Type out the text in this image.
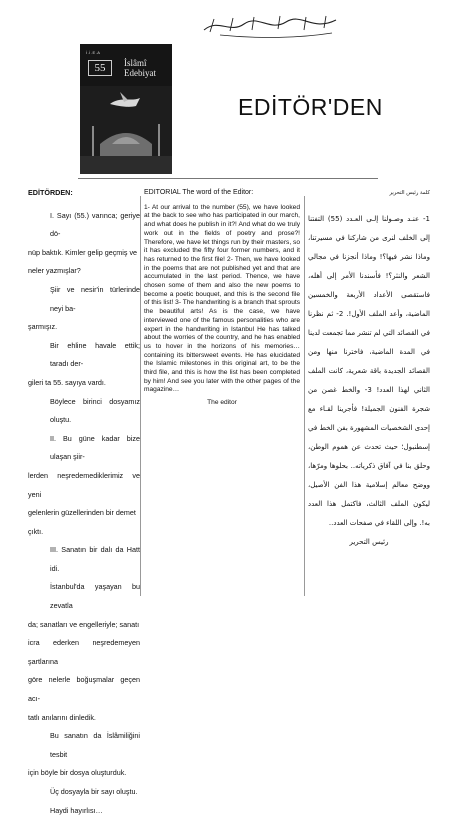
İ.İ.E.A
55	İslâmî
Edebiyat
EDİTÖR'DEN
EDİTÖRDEN:

I. Sayı (55.) varınca; geriye dö-

nüp baktık. Kimler gelip geçmiş ve

neler yazmışlar?

Şiir ve nesir'in türlerinde neyi ba-

şarmışız.

Bir ehline havale ettik; taradı der-

gileri ta 55. sayıya vardı.

Böylece birinci dosyamız oluştu.

II. Bu güne kadar bize ulaşan şiir-

lerden neşredemediklerimiz ve yeni

gelenlerin güzellerinden bir demet

çıktı.

III. Sanatın bir dalı da Hatt idi.

İstanbul'da yaşayan bu zevatla

da; sanatları ve engelleriyle; sanatı

icra ederken neşredemeyen şartlarına

göre nelerle boğuşmalar geçen acı-

tatlı anılarını dinledik.

Bu sanatın da İslâmiliğini tesbit

için böyle bir dosya oluşturduk.

Üç dosyayla bir sayı oluştu.

Haydi hayırlısı…

EDITORIAL The word of the Editor:

1- At our arrival to the number (55), we have looked at the back to see who has participated in our march, and what does he publish in it?! And what do we truly work out in the fields of poetry and prose?! Therefore, we have let things run by their masters, so it has excluded the fifty four former numbers, and it has returned to the first file! 2- Then, we have looked in the poems that are not published yet and that are accumulated in the last period. Thence, we have chosen some of them and also the new poems to become a poetic bouquet, and this is the second file of this list! 3- The handwriting is a branch that sprouts the beautiful arts! As is the case, we have interviewed one of the famous personalities who are expert in the handwriting in Istanbul He has talked about the worries of the country, and he has enabled us to hover in the horizons of his memories…containing its bittersweet events. He has elucidated the Islamic milestones in this original art, to be the third file, and this is how the list has been completed by him! And see you later with the other pages of the magazine…

The editor

كلمة رئيس التحرير

1- عنـد وصـولنا إلـى العـدد (55) التفتنا إلى الخلف لنرى من شاركنا في مسيرتنا، وماذا نشر فيها؟! وماذا أنجزنا في مجالي الشعر والنثر؟! فأسندنا الأمر إلى أهله، فاستقصى الأعداد الأربعة والخمسين الماضية، وأعد الملف الأول!. 2- ثم نظرنا في القصائد التي لم تنشر مما تجمعت لدينا في المدة الماضية، فاخترنا منها ومن القصائد الجديدة باقة شعرية، كانت الملف الثاني لهذا العدد! 3- والخط غصن من شجرة الفنون الجميلة! فأجرينا لقـاء مع إحدى الشخصيات المشهورة بفن الخط في إسطنبول؛ حيث تحدث عن هموم الوطن، وحلق بنا في آفاق ذكرياته.. بحلوها ومرّها، ووضح معالم إسلامية هذا الفن الأصيل، ليكون الملف الثالث، فاكتمل هذا العدد به!. وإلى اللقاء في صفحات العدد..

رئيس التحرير
